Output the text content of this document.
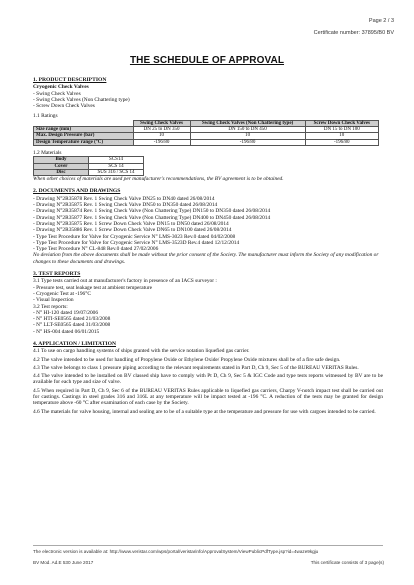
Page 2 / 3
Certificate number: 37895/B0 BV
THE SCHEDULE OF APPROVAL
1. PRODUCT DESCRIPTION
Cryogenic Check Valves
- Swing Check Valves
- Swing Check Valves (Non Chattering type)
- Screw Down Check Valves
1.1 Ratings
	Swing Check Valves	Swing Check Valves (Non Chattering type)	Screw Down Check Valves
Size range (mm)	DN 25 to DN 350	DN 150 to DN 450	DN 15 to DN 100
Max. Design Pressure (bar)	10	10	10
Design Temperature range (°C)	-196/80	-196/80	-196/80
1.2 Materials
Body	SCS14
Cover	SCS 14
Disc	SUS 316 / SCS 14
When other choices of materials are used per manufacturer's recommendations, the BV agreement is to be obtained.
2. DOCUMENTS AND DRAWINGS
- Drawing N°2R35878 Rev. 1 Swing Check Valve DN25 to DN40 dated 26/08/2014
- Drawing N°2R35875 Rev. 1 Swing Check Valve DN50 to DN350 dated 26/08/2014
- Drawing N°2R35874 Rev. 1 Swing Check Valve (Non Chattering Type) DN150 to DN350 dated 26/08/2014
- Drawing N°2R35877 Rev. 1 Swing Check Valve (Non Chattering Type) DN400 to DN450 dated 26/08/2014
- Drawing N°2R35875 Rev. 1 Screw Down Check Valve DN15 to DN50 dated 26/08/2014
- Drawing N°2R35886 Rev. 1 Screw Down Check Valve DN65 to DN100 dated 26/08/2014
- Type Test Procedure for Valve for Cryogenic Service N° LMS-3023 Rev.0 dated 04/02/2008
- Type Test Procedure for Valve for Cryogenic Service N° LMS-3523D Rev.4 dated 12/12/2014
- Type Test Procedure N° CL-848 Rev.0 dated 27/02/2006
No deviation from the above documents shall be made without the prior consent of the Society. The manufacturer must inform the Society of any modification or changes to these documents and drawings.
3. TEST REPORTS
3.1 Type tests carried out at manufacturer's factory in presence of an IACS surveyor :
- Pressure test, seat leakage test at ambient temperature
- Cryogenic Test at -196°C
- Visual Inspection
3.2 Test reports:
- N° HI-120 dated 19/07/2006
- N° HTI-SE0565 dated 21/03/2008
- N° LLT-SE0565 dated 31/03/2008
- N° HS-004 dated 06/01/2015
4. APPLICATION / LIMITATION
4.1 To use on cargo handling systems of ships granted with the service notation liquefied gas carrier.
4.2 The valve intended to be used for handling of Propylene Oxide or Ethylene Oxide/ Propylene Oxide mixtures shall be of a fire safe design.
4.3 The valve belongs to class 1 pressure piping according to the relevant requirements stated in Part D, Ch 9, Sec 5 of the BUREAU VERITAS Rules.
4.4 The valve intended to be installed on BV classed ship have to comply with Pt D, Ch 9, Sec 5 & IGC Code and type tests reports witnessed by BV are to be available for each type and size of valve.
4.5 When required in Part D, Ch 9, Sec 6 of the BUREAU VERITAS Rules applicable to liquefied gas carriers, Charpy V-notch impact test shall be carried out for castings. Castings in steel grades 316 and 316L at any temperature will be impact tested at -196 °C. A reduction of the tests may be granted for design temperature above -60 °C after examination of each case by the Society.
4.6 The materials for valve housing, internal and sealing are to be of a suitable type at the temperature and pressure for use with cargoes intended to be carried.
The electronic version is available at: http://www.veristar.com/wps/portal/veristarinfo/ApprovalSystem/ViewPublicPdfType.jsp?id=4waze9kgju
BV Mod. Ad.E 530 June 2017	This certificate consists of 3 page(s)
